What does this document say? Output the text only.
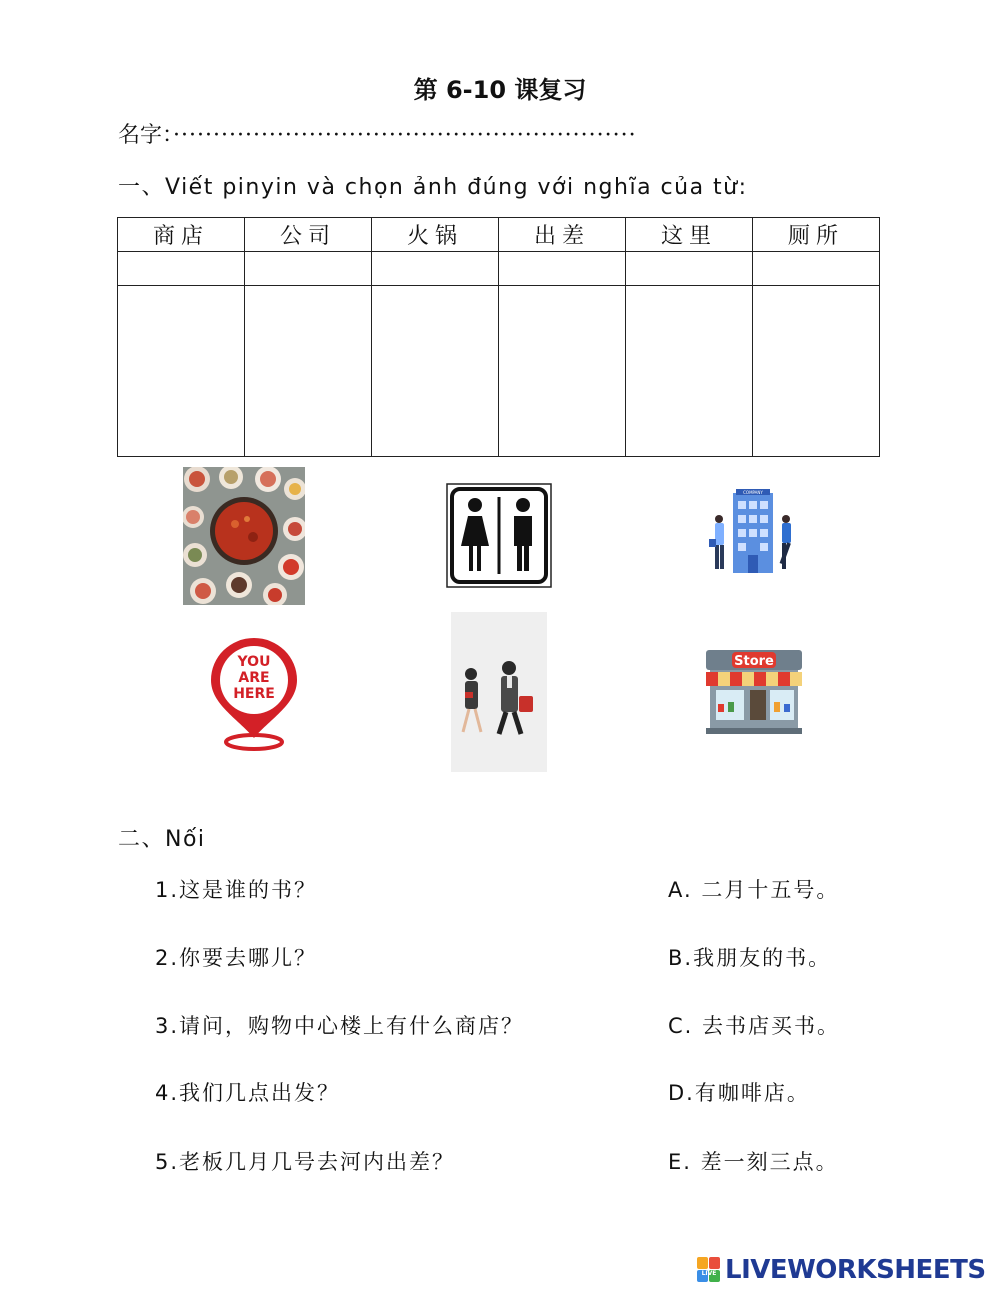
第 6-10 课复习
名字：··························································
一、Viết pinyin và chọn ảnh đúng với nghĩa của từ:
商店	公司	火锅	出差	这里	厕所

COMPANY
YOU
ARE
HERE
Store
二、Nối
1.这是谁的书？
2.你要去哪儿？
3.请问，购物中心楼上有什么商店？
4.我们几点出发？
5.老板几月几号去河内出差？
A. 二月十五号。
B.我朋友的书。
C. 去书店买书。
D.有咖啡店。
E. 差一刻三点。
LIVE LIVEWORKSHEETS
